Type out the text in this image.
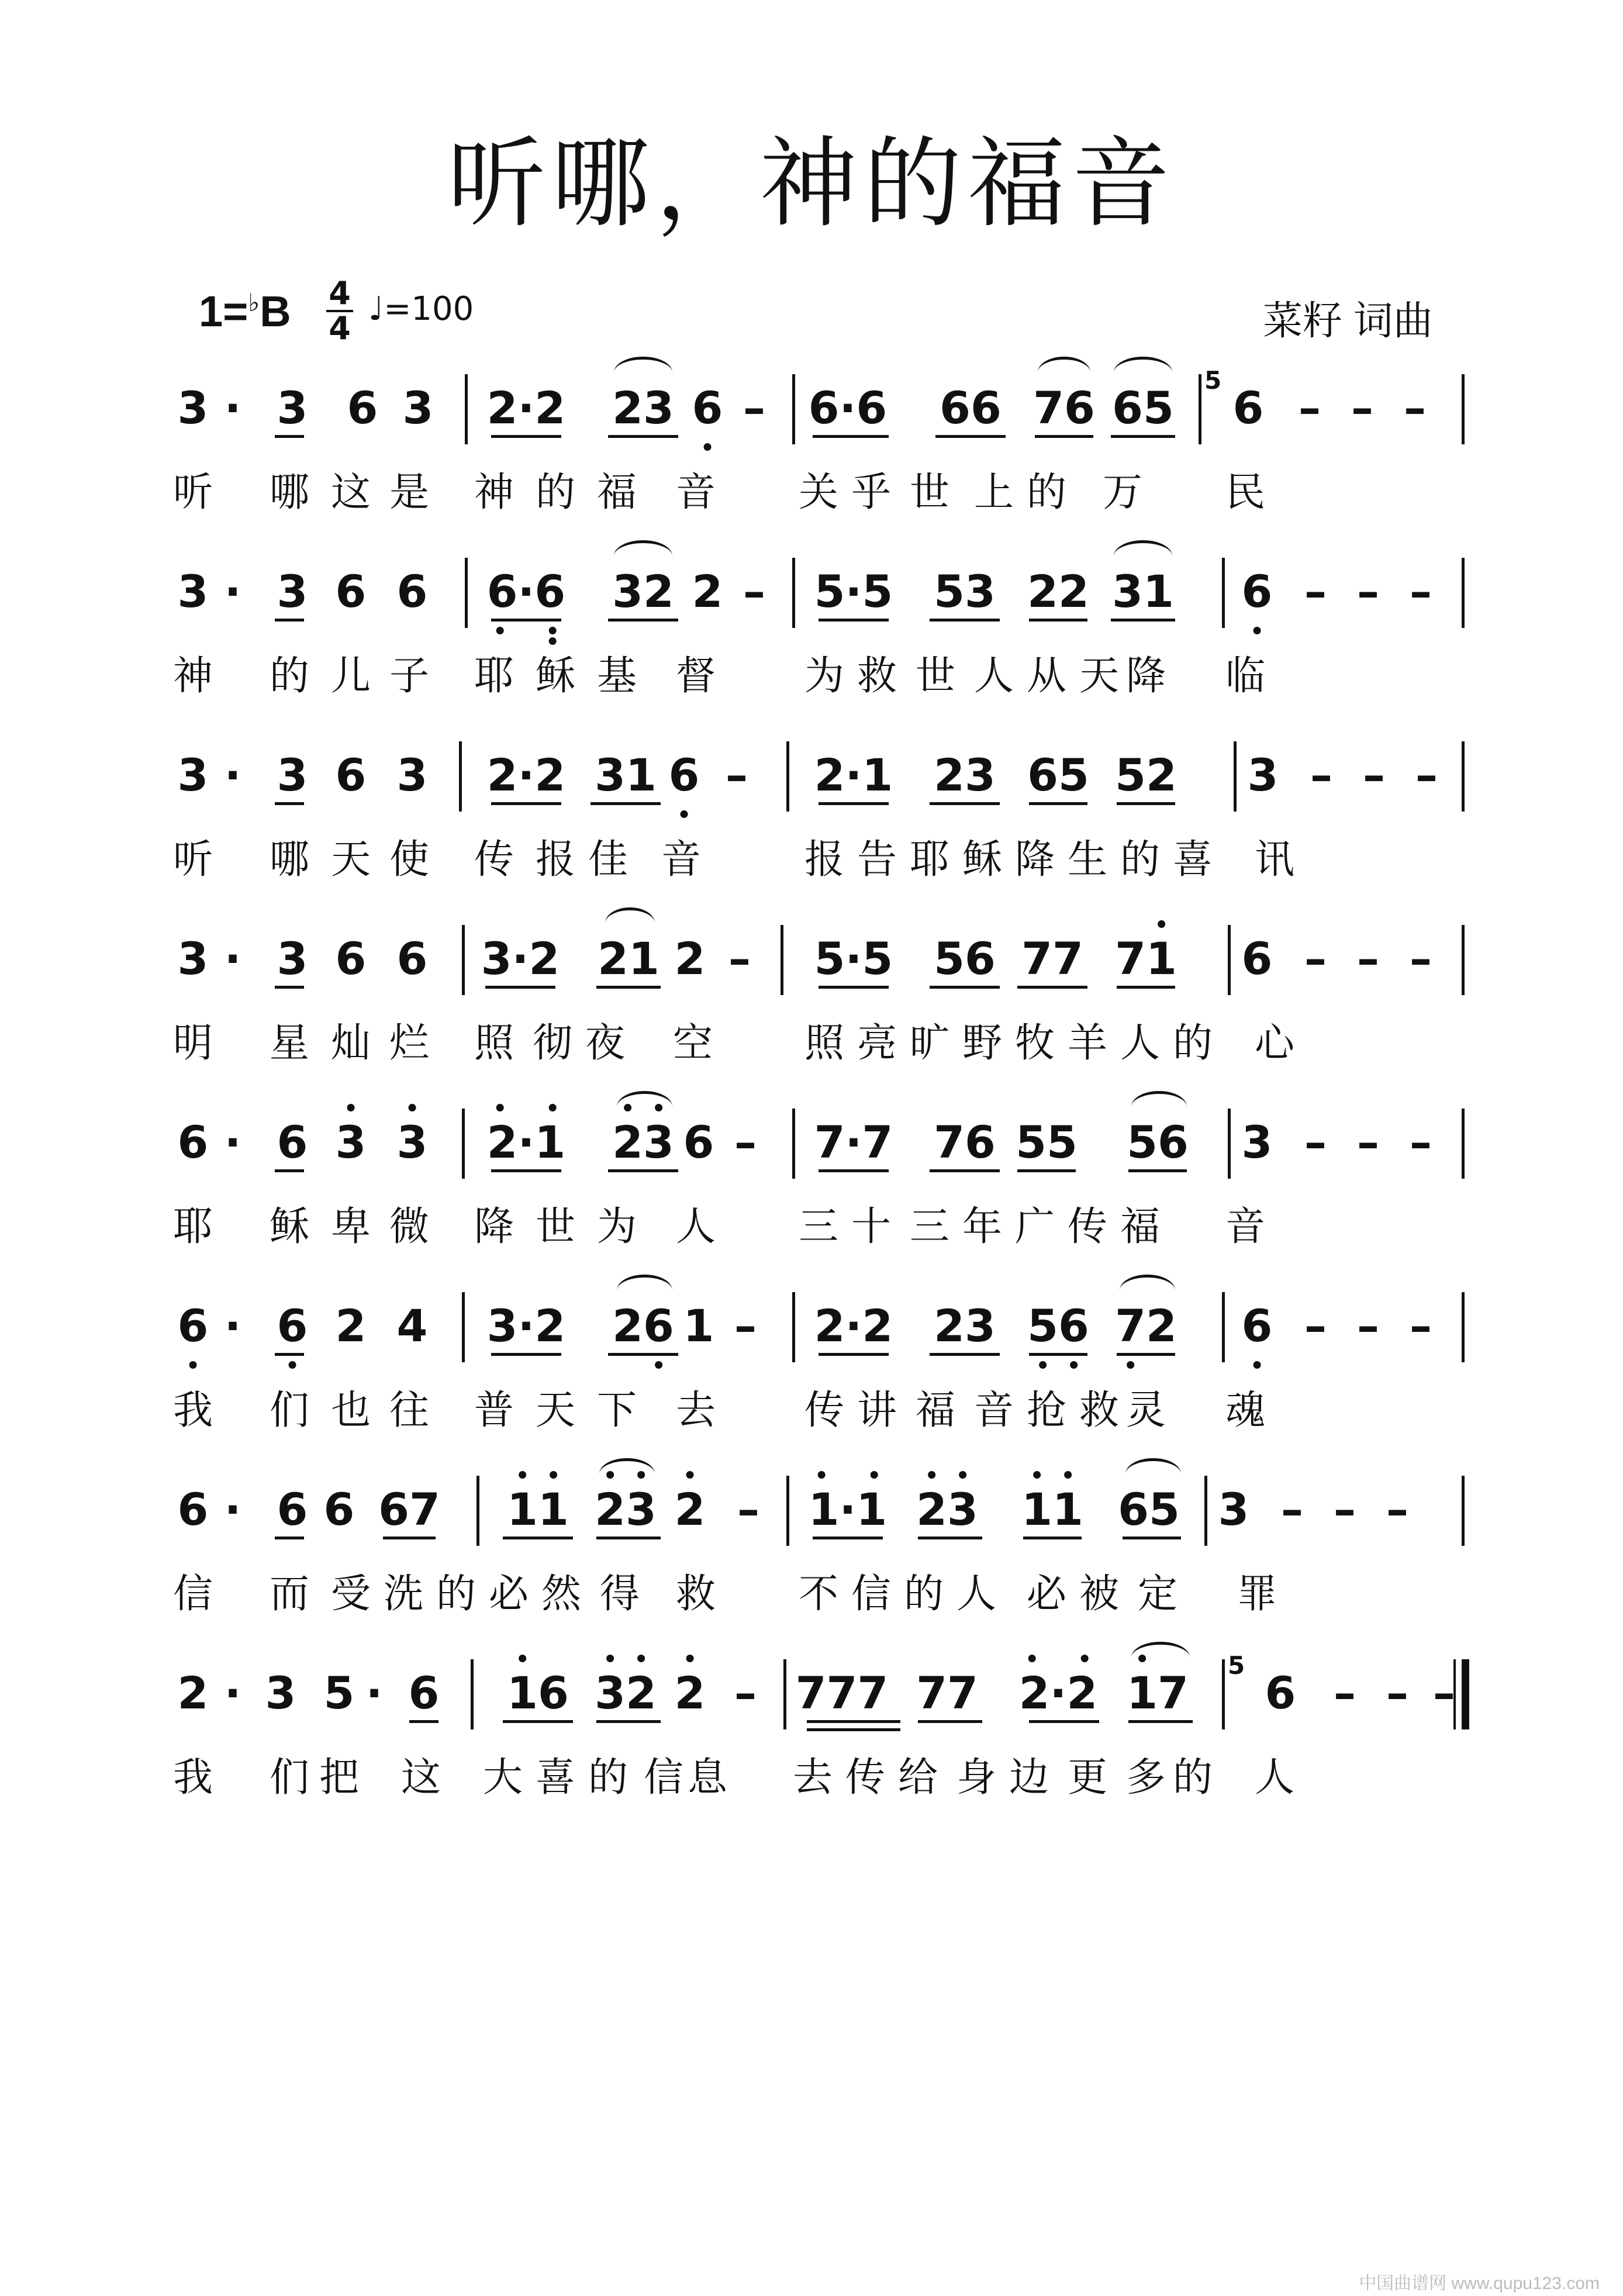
听哪，神的福音
1=♭B 4
4
♩=100	菜籽 词曲
3 · 3 6 3 2·2 23 6 – 6·6 66 76 65 6 – – –
5
听 哪 这 是 神 的 福 音 关 乎 世 上 的 万 民
3 · 3 6 6 6·6 32 2 – 5·5 53 22 31 6 – – –
神 的 儿 子 耶 稣 基 督 为 救 世 人 从 天 降 临
3 · 3 6 3 2·2 31 6 – 2·1 23 65 52 3 – – –
听 哪 天 使 传 报 佳 音	报 告 耶 稣 降 生 的 喜 讯
3 · 3 6 6 3·2 21 2 – 5·5 56 77 71 6 – – –
明 星 灿 烂 照 彻 夜 空 照 亮 旷 野 牧 羊 人 的 心
6 · 6 3 3 2·1 23 6 – 7·7 76 55 56 3 – – –
耶 稣 卑 微 降 世 为 人 三 十 三 年 广 传 福 音
6 · 6 2 4 3·2 26 1 – 2·2 23 56 72 6 – – –
我 们 也 往 普 天 下 去 传 讲 福 音 抢 救 灵 魂
6 · 6 6 67 11 23 2 – 1·1 23 11 65 3 – – –
信 而 受 洗 的 必 然 得 救 不 信 的 人 必 被 定 罪
2 · 3 5 · 6 16 32 2 – 777 77 2·2 17 6 – – –
5
我 们 把 这 大 喜 的 信 息 去 传 给 身 边 更 多 的 人
中国曲谱网 www.qupu123.com
